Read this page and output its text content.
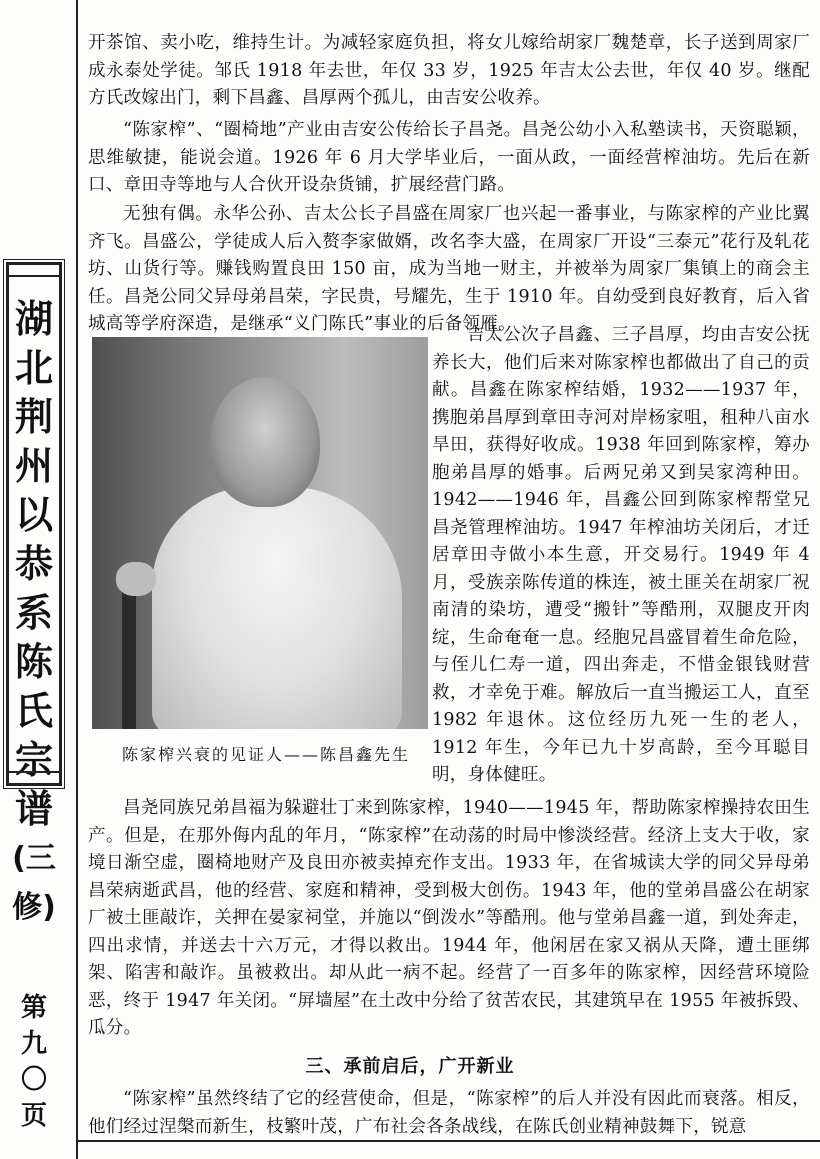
湖
北
荆
州
以
恭
系
陈
氏
宗
谱
(三
修)
第
九
〇
页

开茶馆、卖小吃，维持生计。为减轻家庭负担，将女儿嫁给胡家厂魏楚章，长子送到周家厂成永泰处学徒。邹氏 1918 年去世，年仅 33 岁，1925 年吉太公去世，年仅 40 岁。继配方氏改嫁出门，剩下昌鑫、昌厚两个孤儿，由吉安公收养。

“陈家榨”、“圈椅地”产业由吉安公传给长子昌尧。昌尧公幼小入私塾读书，天资聪颖，思维敏捷，能说会道。1926 年 6 月大学毕业后，一面从政，一面经营榨油坊。先后在新口、章田寺等地与人合伙开设杂货铺，扩展经营门路。

无独有偶。永华公孙、吉太公长子昌盛在周家厂也兴起一番事业，与陈家榨的产业比翼齐飞。昌盛公，学徒成人后入赘李家做婿，改名李大盛，在周家厂开设“三泰元”花行及轧花坊、山货行等。赚钱购置良田 150 亩，成为当地一财主，并被举为周家厂集镇上的商会主任。昌尧公同父异母弟昌荣，字民贵，号耀先，生于 1910 年。自幼受到良好教育，后入省城高等学府深造，是继承“义门陈氏”事业的后备领雁。

陈家榨兴衰的见证人——陈昌鑫先生

吉太公次子昌鑫、三子昌厚，均由吉安公抚养长大，他们后来对陈家榨也都做出了自己的贡献。昌鑫在陈家榨结婚，1932——1937 年，携胞弟昌厚到章田寺河对岸杨家咀，租种八亩水旱田，获得好收成。1938 年回到陈家榨，筹办胞弟昌厚的婚事。后两兄弟又到吴家湾种田。1942——1946 年，昌鑫公回到陈家榨帮堂兄昌尧管理榨油坊。1947 年榨油坊关闭后，才迁居章田寺做小本生意，开交易行。1949 年 4 月，受族亲陈传道的株连，被土匪关在胡家厂祝南清的染坊，遭受“搬针”等酷刑，双腿皮开肉绽，生命奄奄一息。经胞兄昌盛冒着生命危险，与侄儿仁寿一道，四出奔走，不惜金银钱财营救，才幸免于难。解放后一直当搬运工人，直至 1982 年退休。这位经历九死一生的老人，1912 年生，今年已九十岁高龄，至今耳聪目明，身体健旺。

昌尧同族兄弟昌福为躲避壮丁来到陈家榨，1940——1945 年，帮助陈家榨操持农田生产。但是，在那外侮内乱的年月，“陈家榨”在动荡的时局中惨淡经营。经济上支大于收，家境日渐空虚，圈椅地财产及良田亦被卖掉充作支出。1933 年，在省城读大学的同父异母弟昌荣病逝武昌，他的经营、家庭和精神，受到极大创伤。1943 年，他的堂弟昌盛公在胡家厂被土匪敲诈，关押在晏家祠堂，并施以“倒泼水”等酷刑。他与堂弟昌鑫一道，到处奔走，四出求情，并送去十六万元，才得以救出。1944 年，他闲居在家又祸从天降，遭土匪绑架、陷害和敲诈。虽被救出。却从此一病不起。经营了一百多年的陈家榨，因经营环境险恶，终于 1947 年关闭。“屏墙屋”在土改中分给了贫苦农民，其建筑早在 1955 年被拆毁、瓜分。

三、承前启后，广开新业

“陈家榨”虽然终结了它的经营使命，但是，“陈家榨”的后人并没有因此而衰落。相反，他们经过涅槃而新生，枝繁叶茂，广布社会各条战线，在陈氏创业精神鼓舞下，锐意
